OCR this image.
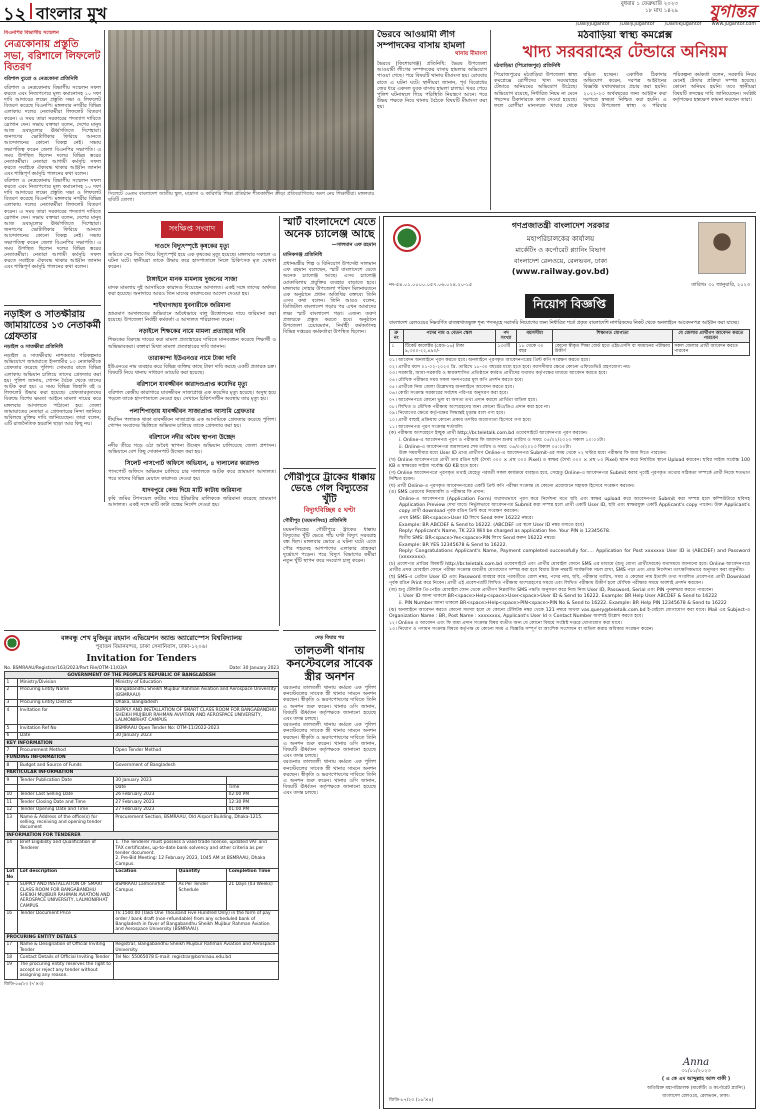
১২ বাংলার মুখ	বুধবার ১ ফেব্রুয়ারি ২০২৩
১৮ মাঘ ১৪২৯ যুগান্তর
/DailyJugantor /Daily.Jugantor /DainikJugantor www.jugantor.com
বিএনপির বিভাগীয় সম্মেলন
নেত্রকোনায় প্রস্তুতি সভা, বরিশালে লিফলেট বিতরণ
বরিশাল ব্যুরো ও নেত্রকোনা প্রতিনিধি
বরিশাল ও নেত্রকোনায় বিভাগীয় সম্মেলন সফল করতে এবং নিত্যপণ্যের মূল্য কমানোসহ ১০ দফা দাবি আদায়ের লক্ষ্যে প্রস্তুতি সভা ও লিফলেট বিতরণ করেছে বিএনপি। মঙ্গলবার নগরীর বিভিন্ন এলাকায় দলের নেতাকর্মীরা লিফলেট বিতরণ করেন। এ সময় তারা সরকারের পদত্যাগ দাবিতে স্লোগান দেন। সভায় বক্তারা বলেন, দেশের মানুষ আজ দ্রব্যমূল্যের ঊর্ধ্বগতিতে দিশেহারা। জনগণের ভোটাধিকার ফিরিয়ে আনতে আন্দোলনের কোনো বিকল্প নেই। সভায় সভাপতিত্ব করেন জেলা বিএনপির সভাপতি। এ সময় উপস্থিত ছিলেন দলের বিভিন্ন স্তরের নেতাকর্মীরা। নেতারা আগামী কর্মসূচি সফল করতে সবাইকে ঐক্যবদ্ধ থাকার আহ্বান জানান এবং শান্তিপূর্ণ কর্মসূচি পালনের কথা বলেন।
বরিশাল ও নেত্রকোনায় বিভাগীয় সম্মেলন সফল করতে এবং নিত্যপণ্যের মূল্য কমানোসহ ১০ দফা দাবি আদায়ের লক্ষ্যে প্রস্তুতি সভা ও লিফলেট বিতরণ করেছে বিএনপি। মঙ্গলবার নগরীর বিভিন্ন এলাকায় দলের নেতাকর্মীরা লিফলেট বিতরণ করেন। এ সময় তারা সরকারের পদত্যাগ দাবিতে স্লোগান দেন। সভায় বক্তারা বলেন, দেশের মানুষ আজ দ্রব্যমূল্যের ঊর্ধ্বগতিতে দিশেহারা। জনগণের ভোটাধিকার ফিরিয়ে আনতে আন্দোলনের কোনো বিকল্প নেই। সভায় সভাপতিত্ব করেন জেলা বিএনপির সভাপতি। এ সময় উপস্থিত ছিলেন দলের বিভিন্ন স্তরের নেতাকর্মীরা। নেতারা আগামী কর্মসূচি সফল করতে সবাইকে ঐক্যবদ্ধ থাকার আহ্বান জানান এবং শান্তিপূর্ণ কর্মসূচি পালনের কথা বলেন।
নড়াইল ও সাতক্ষীরায় জামায়াতের ১৩ নেতাকর্মী গ্রেফতার
নড়াইল ও সাতক্ষীরা প্রতিনিধি
নড়াইল ও সাতক্ষীরায় নাশকতার পরিকল্পনার অভিযোগে জামায়াতে ইসলামীর ১৩ নেতাকর্মীকে গ্রেফতার করেছে পুলিশ। সোমবার রাতে বিভিন্ন এলাকায় অভিযান চালিয়ে তাদের গ্রেফতার করা হয়। পুলিশ জানায়, গোপন বৈঠক থেকে তাদের আটক করা হয়। এ সময় বিভিন্ন জিহাদি বই ও লিফলেট উদ্ধার করা হয়েছে। গ্রেফতারকৃতদের বিরুদ্ধে বিশেষ ক্ষমতা আইনে মামলা দায়ের করে মঙ্গলবার আদালতে পাঠানো হয়। জেলা জামায়াতের নেতারা এ গ্রেফতারের নিন্দা জানিয়ে অবিলম্বে মুক্তির দাবি জানিয়েছেন। তারা বলেন, এটি রাজনৈতিক হয়রানি ছাড়া আর কিছু নয়।
সিলেটে ৩৬তম বাংলাদেশ জাতীয় স্কুল, মাদ্রাসা ও কারিগরি শিক্ষা প্রতিষ্ঠান শীতকালীন ক্রীড়া প্রতিযোগিতায় অংশ নেয় শিক্ষার্থীরা। মঙ্গলবার ছবিটি তোলা।
ভৈরবে আওয়ামী লীগ সম্পাদকের বাসায় হামলা
থানায় মীমাংসা
ভৈরবে (কিশোরগঞ্জ) প্রতিনিধি: ভৈরব উপজেলা আওয়ামী লীগের সম্পাদকের বাসায় হামলার অভিযোগ পাওয়া গেছে। পরে বিষয়টি থানায় মীমাংসা হয়। রোববার রাতে এ ঘটনা ঘটে। স্থানীয়রা জানান, পূর্ব বিরোধের জের ধরে একদল যুবক বাসায় হামলা চালায়। খবর পেয়ে পুলিশ ঘটনাস্থলে গিয়ে পরিস্থিতি নিয়ন্ত্রণে আনে। পরে উভয় পক্ষকে নিয়ে থানায় বৈঠকে বিষয়টি মীমাংসা করা হয়।
মঠবাড়িয়া স্বাস্থ্য কমপ্লেক্স
খাদ্য সরবরাহের টেন্ডারে অনিয়ম
মঠবাড়িয়া (পিরোজপুর) প্রতিনিধি
পিরোজপুরের মঠবাড়িয়া উপজেলা স্বাস্থ্য কমপ্লেক্সে রোগীদের খাদ্য সরবরাহের টেন্ডারে অনিয়মের অভিযোগ উঠেছে। অভিযোগ রয়েছে, নির্ধারিত নিয়ম না মেনে পছন্দের ঠিকাদারকে কাজ দেওয়া হয়েছে। ফলে রোগীরা মানসম্মত খাবার থেকে বঞ্চিত হচ্ছেন। একাধিক ঠিকাদার অভিযোগ করেন, দরপত্র আহ্বানের বিজ্ঞপ্তি যথাযথভাবে প্রচার করা হয়নি। ২০২২-২৩ অর্থবছরের জন্য আহ্বান করা দরপত্রে স্বচ্ছতা নিশ্চিত করা হয়নি। এ বিষয়ে উপজেলা স্বাস্থ্য ও পরিবার পরিকল্পনা কর্মকর্তা বলেন, সরকারি নিয়ম মেনেই টেন্ডার প্রক্রিয়া সম্পন্ন হয়েছে। কোনো অনিয়ম হয়নি। তবে স্থানীয়রা বিষয়টি তদন্তের দাবি জানিয়েছেন। সংশ্লিষ্ট কর্তৃপক্ষের হস্তক্ষেপ কামনা করছেন তারা।
সংক্ষিপ্ত সংবাদ
দাওদে বিদ্যুৎস্পৃষ্টে কৃষকের মৃত্যু
জমিতে সেচ দিতে গিয়ে বিদ্যুৎস্পৃষ্ট হয়ে এক কৃষকের মৃত্যু হয়েছে। মঙ্গলবার সকালে এ ঘটনা ঘটে। স্থানীয়রা তাকে উদ্ধার করে হাসপাতালে নিলে চিকিৎসক মৃত ঘোষণা করেন।
টাঙ্গাইলে মানক মামলায় দুজনের সাজা
মাদক মামলায় দুই আসামিকে কারাদণ্ড দিয়েছেন আদালত। একই সঙ্গে তাদের অর্থদণ্ড করা হয়েছে। অনাদায়ে আরও তিন মাসের কারাদণ্ডের আদেশ দেওয়া হয়।
শাইখাগাছায় যুবনারীকে জরিমানা
ভ্রাম্যমাণ আদালতের অভিযানে অবৈধভাবে বালু উত্তোলনের দায়ে জরিমানা করা হয়েছে। উপজেলা নির্বাহী কর্মকর্তা এ আদালত পরিচালনা করেন।
নড়াইলে শিক্ষকের নামে মামলা প্রত্যাহার দাবি
শিক্ষকের বিরুদ্ধে দায়ের করা মামলা প্রত্যাহারের দাবিতে মানববন্ধন করেছে শিক্ষার্থী ও অভিভাবকরা। বক্তারা মিথ্যা মামলা প্রত্যাহারের দাবি জানান।
তারাকান্দা ইউএনওর নামে টাকা দাবি
ইউএনওর নাম ব্যবহার করে বিভিন্ন ব্যক্তির কাছে টাকা দাবি করছে একটি প্রতারক চক্র। বিষয়টি নিয়ে থানায় সাধারণ ডায়েরি করা হয়েছে।
বরিশালে যাবজ্জীবন কারাদণ্ডপ্রাপ্ত কয়েদির মৃত্যু
বরিশাল কেন্দ্রীয় কারাগারে যাবজ্জীবন সাজাপ্রাপ্ত এক কয়েদির মৃত্যু হয়েছে। অসুস্থ হয়ে পড়লে তাকে হাসপাতালে নেওয়া হয়। সেখানে চিকিৎসাধীন অবস্থায় তার মৃত্যু হয়।
পলাশিপাড়ায় যাবজ্জীবন সাজাপ্রাপ্ত আসামি গ্রেফতার
দীর্ঘদিন পলাতক থাকা যাবজ্জীবন সাজাপ্রাপ্ত এক আসামিকে গ্রেফতার করেছে পুলিশ। গোপন সংবাদের ভিত্তিতে অভিযান চালিয়ে তাকে গ্রেফতার করা হয়।
বরিশালে নদীর অবৈধ স্থাপনা উচ্ছেদ
নদীর তীরে গড়ে ওঠা অবৈধ স্থাপনা উচ্ছেদ অভিযান চালিয়েছে জেলা প্রশাসন। অভিযানে বেশ কিছু দোকানপাট উচ্ছেদ করা হয়।
সিলেট পাসপোর্ট অফিসে অভিযান, ৪ দালালের কারাদণ্ড
পাসপোর্ট অফিসে অভিযান চালিয়ে চার দালালকে আটক করে ভ্রাম্যমাণ আদালত। পরে তাদের বিভিন্ন মেয়াদে কারাদণ্ড দেওয়া হয়।
যাদবপুরে কেন্দ্র দিয়ে মাটি কাটায় জরিমানা
কৃষি জমির টপসয়েল কাটার দায়ে ইটভাটার মালিককে জরিমানা করেছে ভ্রাম্যমাণ আদালত। একই সঙ্গে মাটি কাটা বন্ধের নির্দেশ দেওয়া হয়।
স্মার্ট বাংলাদেশে যেতে অনেক চ্যালেঞ্জ আছে
—সালমান এফ রহমান
মানিকগঞ্জ প্রতিনিধি
প্রধানমন্ত্রীর শিল্প ও বিনিয়োগ উপদেষ্টা সালমান এফ রহমান বলেছেন, স্মার্ট বাংলাদেশে যেতে অনেক চ্যালেঞ্জ আছে। এসব চ্যালেঞ্জ মোকাবিলায় প্রযুক্তির ব্যবহার বাড়াতে হবে। মঙ্গলবার দোহার উপজেলা পরিষদ মিলনায়তনে এক অনুষ্ঠানে প্রধান অতিথির বক্তব্যে তিনি এসব কথা বলেন। তিনি আরও বলেন, ডিজিটাল বাংলাদেশ গড়ার পর এখন আমাদের লক্ষ্য স্মার্ট বাংলাদেশ গড়া। এজন্য তরুণ প্রজন্মকে প্রস্তুত করতে হবে। অনুষ্ঠানে উপজেলা চেয়ারম্যান, নির্বাহী কর্মকর্তাসহ বিভিন্ন দপ্তরের কর্মকর্তারা উপস্থিত ছিলেন।
গৌরীপুরে ট্রাকের ধাক্কায় ভেঙে গেল বিদ্যুতের খুঁটি
বিদ্যুৎবিচ্ছিন্ন ৫ ঘণ্টা
গৌরীপুর (ময়মনসিংহ) প্রতিনিধি
ময়মনসিংহের গৌরীপুরে ট্রাকের ধাক্কায় বিদ্যুতের খুঁটি ভেঙে পাঁচ ঘণ্টা বিদ্যুৎ সরবরাহ বন্ধ ছিল। মঙ্গলবার ভোরে এ ঘটনা ঘটে। এতে পৌর শহরসহ আশপাশের এলাকার গ্রাহকরা দুর্ভোগে পড়েন। পরে বিদ্যুৎ বিভাগের কর্মীরা নতুন খুঁটি স্থাপন করে সংযোগ চালু করেন।
বঙ্গবন্ধু শেখ মুজিবুর রহমান এভিয়েশন অ্যান্ড অ্যারোস্পেস বিশ্ববিদ্যালয়
পুরাতন বিমানবন্দর, ঢাকা সেনানিবাস, ঢাকা-১২০৬।
Invitation for Tenders
No. BSMRAAU/Registrar/163/2023/Part File/OTM-11/03/A	Date: 30 January 2023
GOVERNMENT OF THE PEOPLE'S REPUBLIC OF BANGLADESH				
1	Ministry/Division	Ministry of Education		
2	Procuring Entity Name	Bangabandhu Sheikh Mujibur Rahman Aviation and Aerospace University (BSMRAAU)		
3	Procuring Entity District	Dhaka, Bangladesh		
4	Invitation for	SUPPLY AND INSTALLATION OF SMART CLASS ROOM FOR BANGABANDHU SHEIKH MUJIBUR RAHMAN AVIATION AND AEROSPACE UNIVERSITY, LALMONIRHAT CAMPUS		
5	Invitation Ref No	BSMRAAU Open Tender No: OTM-11/2022-2023		
6	Date	30 January 2023		
KEY INFORMATION				
7	Procurement Method	Open Tender Method		
FUNDING INFORMATION				
8	Budget and Source of Funds	Government of Bangladesh		
PARTICULAR INFORMATION				
9	Tender Publication Date	30 January 2023		
		Date		Time
10	Tender Last Selling Date	26 February 2023		02:00 PM
11	Tender Closing Date and Time	27 February 2023		12:30 PM
12	Tender Opening Date and Time	27 February 2023		01:00 PM
13	Name & Address of the office(s) for selling, receiving and opening tender document	Procurement Section, BSMRAAU, Old Airport Building, Dhaka-1215.		
INFORMATION FOR TENDERER				
14	Brief Eligibility and Qualification of Tenderer	1. The Tenderer must possess a valid trade license, updated VAT and TAX certificates, up-to-date bank solvency and other criteria as per tender document.
2. Pre-Bid Meeting: 12 February 2023, 1045 AM at BSMRAAU, Dhaka Campus.		

Lot No	Lot description	Location	Quantity	Completion Time
1	SUPPLY AND INSTALLATION OF SMART CLASS ROOM FOR BANGABANDHU SHEIKH MUJIBUR RAHMAN AVIATION AND AEROSPACE UNIVERSITY, LALMONIRHAT CAMPUS	BSMRAAU Lalmonirhat Campus	As Per Tender Schedule	21 Days (03 Weeks)
16	Tender Document Price	Tk 1500.00 (Taka One Thousand Five Hundred Only) in the form of pay order / bank draft (non-refundable) from any scheduled bank of Bangladesh in favor of Bangabandhu Sheikh Mujibur Rahman Aviation and Aerospace University (BSMRAAU).		
PROCURING ENTITY DETAILS				
17	Name & Designation of Official Inviting Tender	Registrar, Bangabandhu Sheikh Mujibur Rahman Aviation and Aerospace University		
18	Contact Details of Official Inviting Tender	Tel No: 55065078 E-mail: registrar@bsmraau.edu.bd		
19	The procuring entity reserves the right to accept or reject any tender without assigning any reason.			
জিডি-৫৬/২৩ (৭'×৩)
দেড় বিঘার পর
তালতলী থানায় কনস্টেবলের সাবেক স্ত্রীর অনশন
বরগুনার তালতলী থানায় কর্মরত এক পুলিশ কনস্টেবলের সাবেক স্ত্রী থানার সামনে অনশন করছেন। স্বীকৃতি ও ভরণপোষণের দাবিতে তিনি এ অনশন শুরু করেন। থানার ওসি জানান, বিষয়টি ঊর্ধ্বতন কর্তৃপক্ষকে জানানো হয়েছে এবং তদন্ত চলছে।
বরগুনার তালতলী থানায় কর্মরত এক পুলিশ কনস্টেবলের সাবেক স্ত্রী থানার সামনে অনশন করছেন। স্বীকৃতি ও ভরণপোষণের দাবিতে তিনি এ অনশন শুরু করেন। থানার ওসি জানান, বিষয়টি ঊর্ধ্বতন কর্তৃপক্ষকে জানানো হয়েছে এবং তদন্ত চলছে।
বরগুনার তালতলী থানায় কর্মরত এক পুলিশ কনস্টেবলের সাবেক স্ত্রী থানার সামনে অনশন করছেন। স্বীকৃতি ও ভরণপোষণের দাবিতে তিনি এ অনশন শুরু করেন। থানার ওসি জানান, বিষয়টি ঊর্ধ্বতন কর্তৃপক্ষকে জানানো হয়েছে এবং তদন্ত চলছে।
গণপ্রজাতন্ত্রী বাংলাদেশ সরকার
মহাপরিচালকের কার্যালয়
মার্কেটিং ও কর্পোরেট প্ল্যানিং বিভাগ
বাংলাদেশ রেলওয়ে, রেলভবন, ঢাকা
(www.railway.gov.bd)
নং-৫৪.০১.০০০০.০৫৭.০৬.০২৪.২০-১৫	তারিখঃ ৩১ জানুয়ারি, ২০২৩
নিয়োগ বিজ্ঞপ্তি
বাংলাদেশ রেলওয়ের নিম্নবর্ণিত রাজস্বখাতভুক্ত শূন্য পদসমূহে সরাসরি নিয়োগের জন্য নির্ধারিত শর্তে প্রকৃত বাংলাদেশি নাগরিকদের নিকট থেকে অনলাইনে আবেদনপত্র আহ্বান করা যাচ্ছে।
ক্র নং	পদের নাম ও বেতন স্কেল	পদ সংখ্যা	বয়সসীমা	শিক্ষাগত যোগ্যতা	যে জেলার প্রার্থীগণ আবেদন করতে পারবেন
১	টিকেট কালেক্টর (গ্রেড-১৬) টাকা ৯,৩০০-২২,৪৯০/-	১৩৩টি	১৮ থেকে ৩০ বছর	কোনো স্বীকৃত শিক্ষা বোর্ড হতে এইচএসসি বা সমমানের পরীক্ষায় উত্তীর্ণ	সকল জেলার প্রার্থী আবেদন করতে পারবেন
০১। আবেদন অনলাইনে পূরণ করতে হবে। অনলাইনে পূরণকৃত আবেদনপত্রের প্রিন্ট কপি সংরক্ষণ করতে হবে।
০২। প্রার্থীর বয়স ০১-০২-২০২৩ খ্রি. তারিখে ১৮-৩০ বছরের মধ্যে হতে হবে। বয়সসীমার ক্ষেত্রে কোনো এফিডেভিট গ্রহণযোগ্য নয়।
০৩। সরকারি, আধা-সরকারি ও স্বায়ত্তশাসিত প্রতিষ্ঠানে কর্মরত প্রার্থীদের যথাযথ কর্তৃপক্ষের মাধ্যমে আবেদন করতে হবে।
০৪। মৌখিক পরীক্ষার সময় সকল সনদপত্রের মূল কপি প্রদর্শন করতে হবে।
০৫। প্রার্থীকে নিজ জেলা উল্লেখসহ অনলাইনে আবেদন করতে হবে।
০৬। কোটা সংক্রান্ত সরকারের সর্বশেষ পরিপত্র অনুসরণ করা হবে।
০৭। আবেদনপত্রে কোনো ভুল বা অসত্য তথ্য প্রদান করলে প্রার্থিতা বাতিল হবে।
০৮। লিখিত ও মৌখিক পরীক্ষায় অংশগ্রহণের জন্য কোনো টিএ/ডিএ প্রদান করা হবে না।
০৯। নিয়োগের ক্ষেত্রে কর্তৃপক্ষের সিদ্ধান্তই চূড়ান্ত বলে গণ্য হবে।
১০। প্রার্থী বাছাই প্রক্রিয়ায় কোনো প্রকার তদবির অযোগ্যতা হিসেবে গণ্য হবে।
১১। আবেদনপত্র পূরণ সংক্রান্ত শর্তাবলি:
(ক) পরীক্ষায় অংশগ্রহণে ইচ্ছুক প্রার্থী http://br.teletalk.com.bd ওয়েবসাইটে আবেদনপত্র পূরণ করবেন।
i. Online-এ আবেদনপত্র পূরণ ও পরীক্ষার ফি জমাদান শুরুর তারিখ ও সময়: ০৫/০২/২০২৩ সকাল ১০:০০টা।
ii. Online-এ আবেদনপত্র জমাদানের শেষ তারিখ ও সময়: ০৬/০৩/২০২৩ বিকাল ০৫:০০টা।
উক্ত সময়সীমার মধ্যে User ID প্রাপ্ত প্রার্থীগণ Online-এ আবেদনপত্র Submit-এর সময় থেকে ৭২ ঘণ্টার মধ্যে পরীক্ষার ফি জমা দিতে পারবেন।
(খ) Online আবেদনপত্রে প্রার্থী তার রঙিন ছবি (দৈর্ঘ্য ৩০০ × প্রস্থ ৩০০ Pixel) ও স্বাক্ষর (দৈর্ঘ্য ৩০০ × প্রস্থ ৮০ Pixel) স্ক্যান করে নির্ধারিত স্থানে Upload করবেন। ছবির সাইজ সর্বোচ্চ 100 KB ও স্বাক্ষরের সাইজ সর্বোচ্চ 60 KB হতে হবে।
(গ) Online আবেদনপত্রে পূরণকৃত তথ্যই যেহেতু পরবর্তী সকল কার্যক্রমে ব্যবহৃত হবে, সেহেতু Online-এ আবেদনপত্র Submit করার পূর্বেই পূরণকৃত তথ্যের সঠিকতা সম্পর্কে প্রার্থী নিজে শতভাগ নিশ্চিত হবেন।
(ঘ) প্রার্থী Online-এ পূরণকৃত আবেদনপত্রের একটি প্রিন্ট কপি পরীক্ষা সংক্রান্ত যে কোনো প্রয়োজনে সহায়ক হিসেবে সংরক্ষণ করবেন।
(ঙ) SMS প্রেরণের নিয়মাবলি ও পরীক্ষার ফি প্রদান:
Online-এ আবেদনপত্র (Application Form) যথাযথভাবে পূরণ করে নির্দেশনা মতে ছবি এবং স্বাক্ষর upload করে আবেদনপত্র Submit করা সম্পন্ন হলে কম্পিউটারে ছবিসহ Application Preview দেখা যাবে। নির্ভুলভাবে আবেদনপত্র Submit করা সম্পন্ন হলে প্রার্থী একটি User ID, ছবি এবং স্বাক্ষরযুক্ত একটি Applicant's copy পাবেন। উক্ত Applicant's copy প্রার্থী download পূর্বক রঙিন প্রিন্ট করে সংরক্ষণ করবেন।
প্রথম SMS: BR<space>User ID লিখে Send করুন 16222 নম্বরে।
Example: BR ABCDEF & Send to 16222. (ABCDEF এর স্থলে User ID নম্বর বসাতে হবে)
Reply: Applicant's Name, TK 223 Will be charged as application fee. Your PIN is 12345678.
দ্বিতীয় SMS: BR<space>Yes<space>PIN লিখে Send করুন 16222 নম্বরে।
Example: BR YES 12345678 & Send to 16222.
Reply: Congratulations Applicant's Name, Payment completed successfully for..... Application for Post xxxxxxx User ID is (ABCDEF) and Password (xxxxxxxx).
(চ) প্রবেশপত্র প্রাপ্তির বিষয়টি http://br.teletalk.com.bd ওয়েবসাইটে এবং প্রার্থীর মোবাইল ফোনে SMS এর মাধ্যমে (শুধু যোগ্য প্রার্থীদেরকে) যথাসময়ে জানানো হবে। Online আবেদনপত্রে প্রার্থীর প্রদত্ত মোবাইল ফোনে পরীক্ষা সংক্রান্ত যাবতীয় যোগাযোগ সম্পন্ন করা হবে বিধায় উক্ত নম্বরটি সার্বক্ষণিক সচল রাখা, SMS পড়া এবং প্রাপ্ত নির্দেশনা তাৎক্ষণিকভাবে অনুসরণ করা বাঞ্ছনীয়।
(ছ) SMS-এ প্রেরিত User ID এবং Password ব্যবহার করে পরবর্তীতে রোল নম্বর, পদের নাম, ছবি, পরীক্ষার তারিখ, সময় ও কেন্দ্রের নাম ইত্যাদি তথ্য সংবলিত প্রবেশপত্র প্রার্থী Download পূর্বক রঙিন Print করে নিবেন। প্রার্থী এই প্রবেশপত্রটি লিখিত পরীক্ষায় অংশগ্রহণের সময়ে এবং লিখিত পরীক্ষায় উত্তীর্ণ হলে মৌখিক পরীক্ষার সময়ে অবশ্যই প্রদর্শন করবেন।
(জ) শুধু টেলিটক প্রি-পেইড মোবাইল ফোন থেকে প্রার্থীগণ নিম্নবর্ণিত SMS পদ্ধতি অনুসরণ করে নিজ নিজ User ID, Password, Serial এবং PIN পুনরুদ্ধার করতে পারবেন।
i. User ID জানা থাকলে BR<space>Help<space>User<space>User ID & Send to 16222. Example: BR Help User ABCDEF & Send to 16222
ii. PIN Number জানা থাকলে BR<space>Help<space>PIN<space>PIN No & Send to 16222. Example: BR Help PIN 12345678 & Send to 16222
(ঝ) অনলাইনে আবেদন করতে কোনো সমস্যা হলে যে কোনো টেলিটক নম্বর থেকে 121 নম্বরে অথবা vas.query@teletalk.com.bd ই-মেইলে যোগাযোগ করা যাবে। Mail এর Subject-এ Organization Name : BR, Post Name : xxxxxxxx, Applicant's User Id ও Contact Number অবশ্যই উল্লেখ করতে হবে।
১২। Online এ আবেদন এবং ফি জমা প্রদান সংক্রান্ত বিষয় ব্যতীত অন্য যে কোনো বিষয়ে সংশ্লিষ্ট দপ্তরে যোগাযোগ করা যাবে।
১৩। নিয়োগ ও পদায়ন সংক্রান্ত বিষয়ে কর্তৃপক্ষ যে কোনো সময় এ বিজ্ঞপ্তি সম্পূর্ণ বা আংশিক সংশোধন বা বাতিল করার অধিকার সংরক্ষণ করেন।
Anna
৩১/০১/২০২৩
( এ কে এম আব্দুল্লাহ আল বাকী )
অতিরিক্ত মহাপরিচালক (মার্কেটিং ও কর্পোরেট প্ল্যানিং)
বাংলাদেশ রেলওয়ে, রেলভবন, ঢাকা।
জিডি-৮৭/২৩ (১৬'×৪)
